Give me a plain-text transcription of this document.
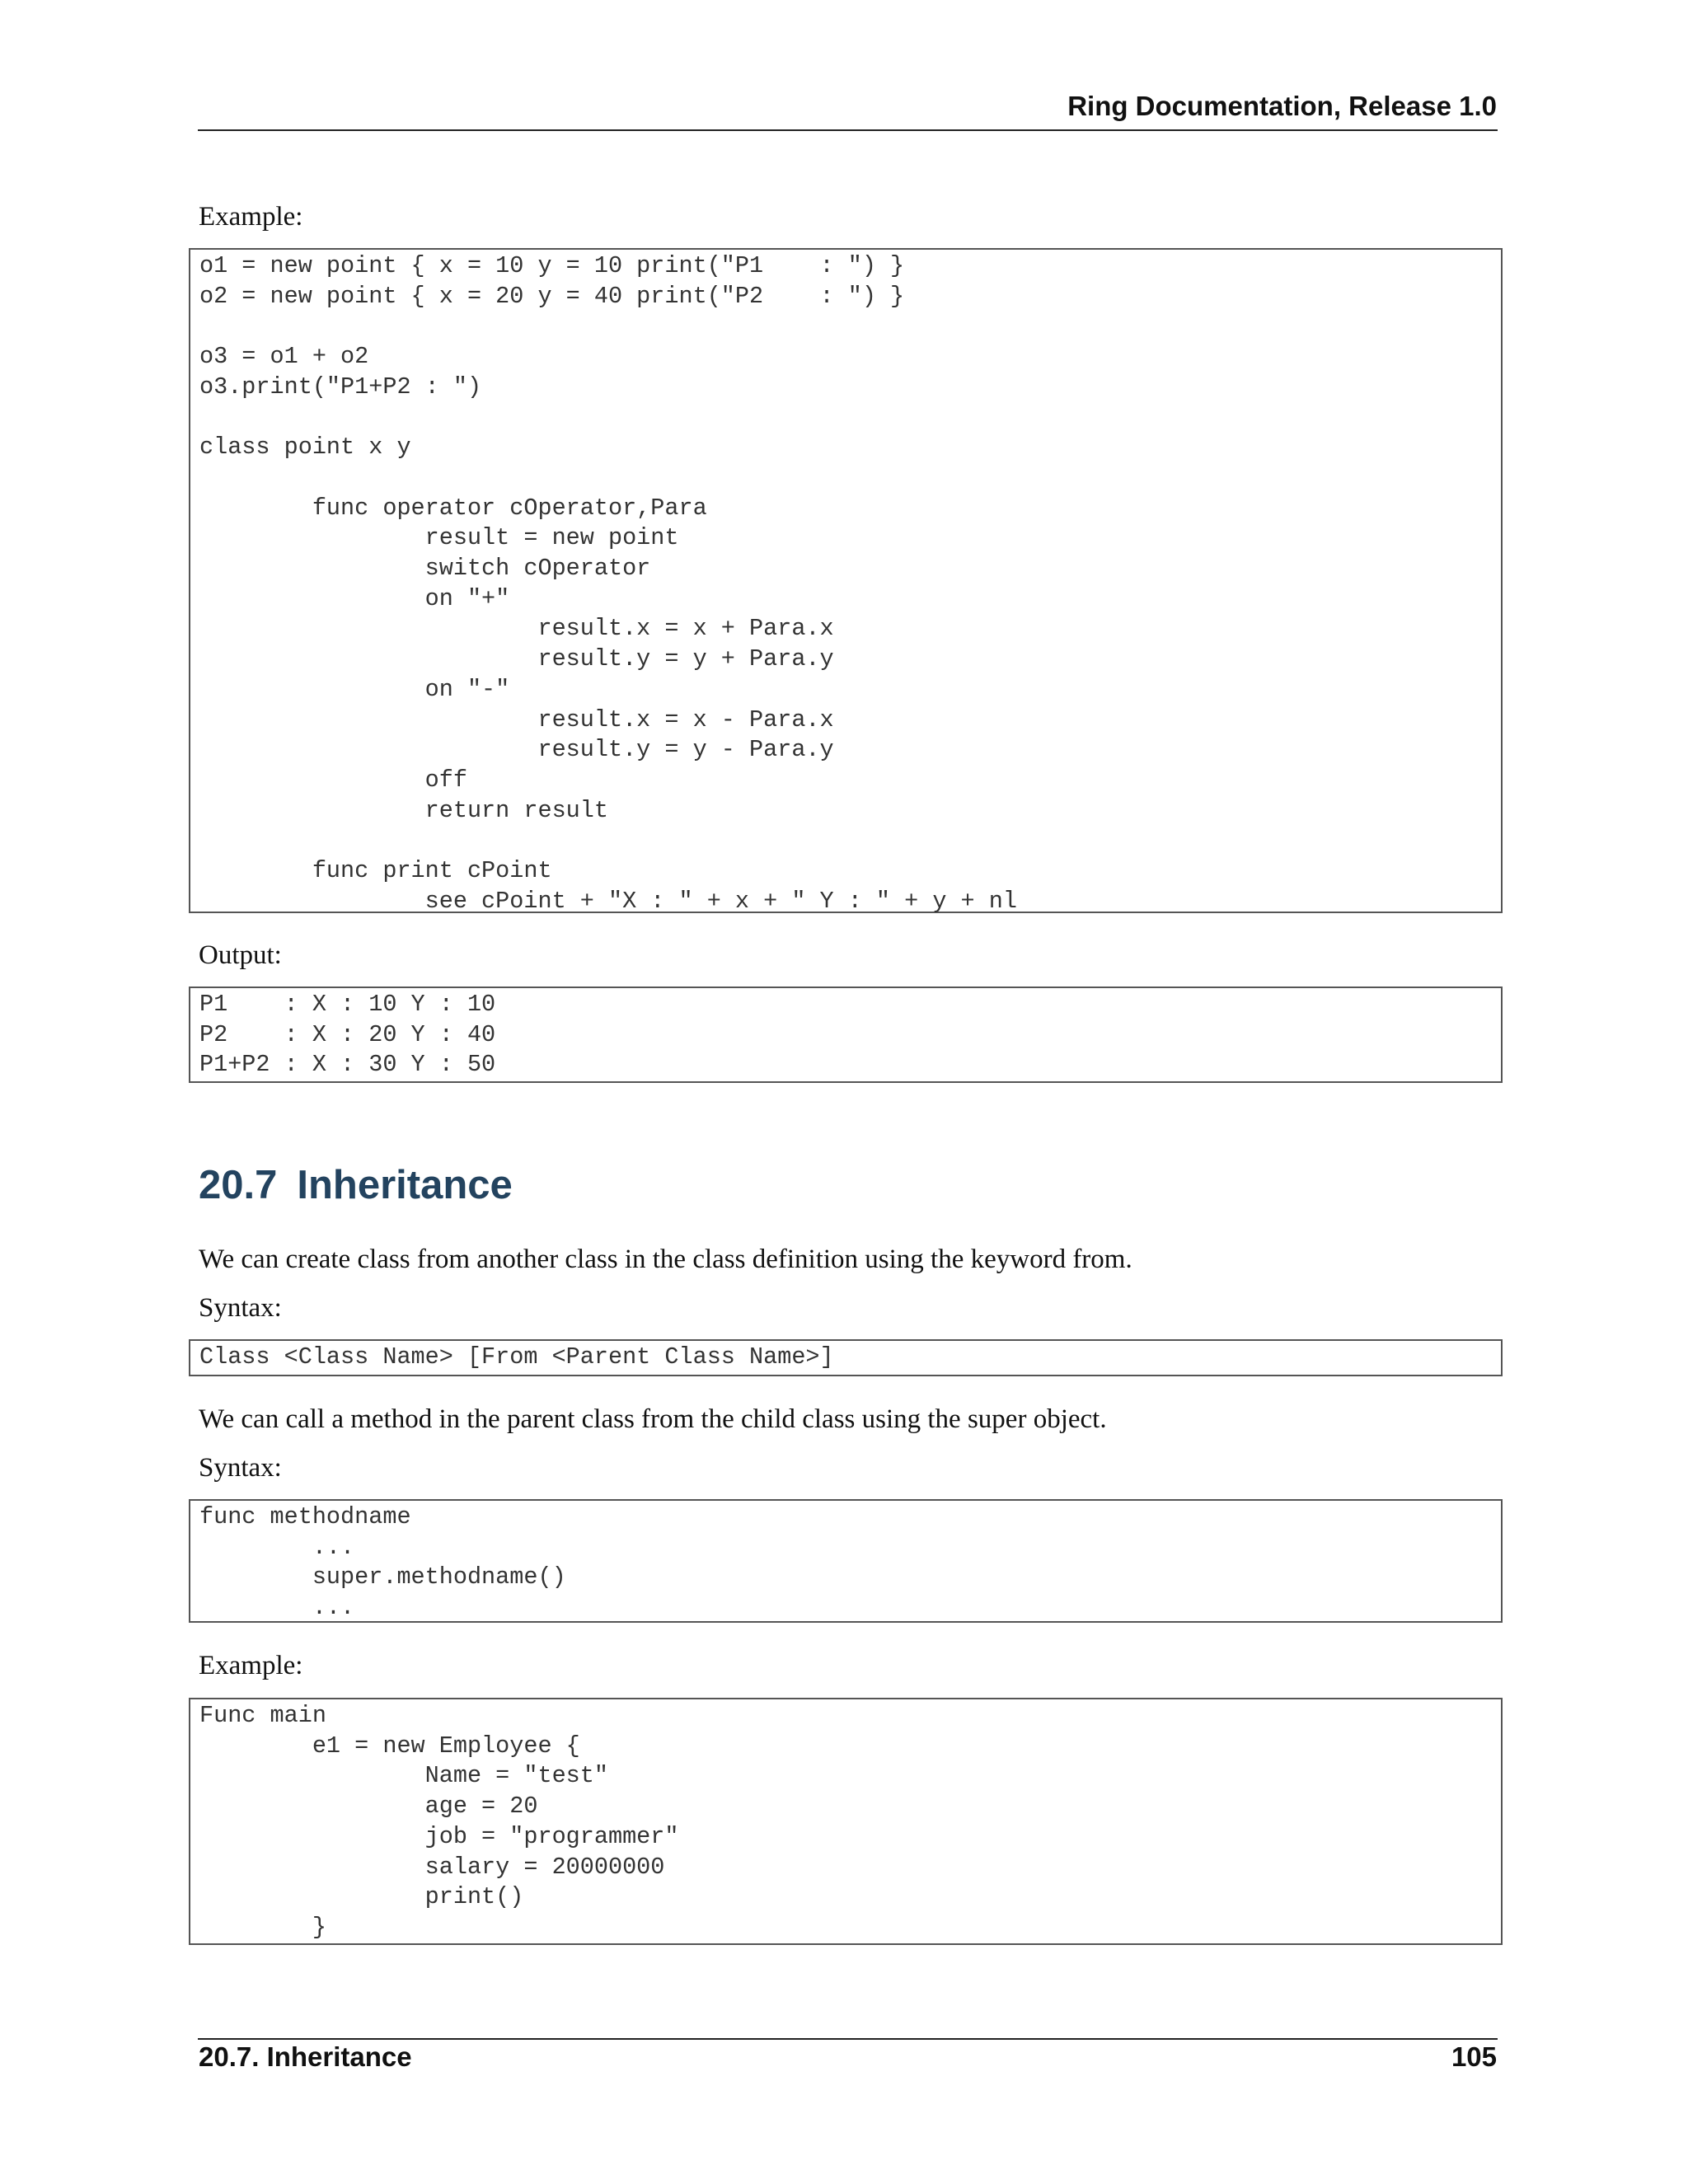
Ring Documentation, Release 1.0
Example:
o1 = new point { x = 10 y = 10 print("P1    : ") }
o2 = new point { x = 20 y = 40 print("P2    : ") }

o3 = o1 + o2
o3.print("P1+P2 : ")

class point x y

func operator cOperator,Para
result = new point
switch cOperator
on "+"
result.x = x + Para.x
result.y = y + Para.y
on "-"
result.x = x - Para.x
result.y = y - Para.y
off
return result

func print cPoint
see cPoint + "X : " + x + " Y : " + y + nl
Output:
P1    : X : 10 Y : 10
P2    : X : 20 Y : 40
P1+P2 : X : 30 Y : 50
20.7 Inheritance
We can create class from another class in the class definition using the keyword from.
Syntax:
Class <Class Name> [From <Parent Class Name>]
We can call a method in the parent class from the child class using the super object.
Syntax:
func methodname
...
super.methodname()
...
Example:
Func main
e1 = new Employee {
Name = "test"
age = 20
job = "programmer"
salary = 20000000
print()
}
20.7. Inheritance	105
